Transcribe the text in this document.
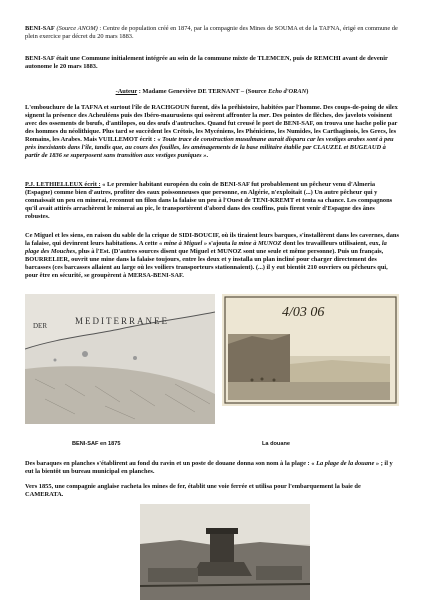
BENI-SAF (Source ANOM) : Centre de population créé en 1874, par la compagnie des Mines de SOUMA et de la TAFNA, érigé en commune de plein exercice par décret du 20 mars 1883.

BENI-SAF était une Commune initialement intégrée au sein de la commune mixte de TLEMCEN, puis de REMCHI avant de devenir autonome le 20 mars 1883.

-Auteur : Madame Geneviève DE TERNANT – (Source Echo d'ORAN)

L'embouchure de la TAFNA et surtout l'île de RACHGOUN furent, dès la préhistoire, habitées par l'homme. Des coups-de-poing de silex signent la présence des Acheuléens puis des Ibéro-maurusiens qui osèrent affronter la mer. Des pointes de flèches, des javelots voisinent avec des ossements de bœufs, d'antilopes, ou des œufs d'autruches. Quand fut creusé le port de BENI-SAF, on trouva une hache polie par des hommes du néolithique. Plus tard se succèdent les Crétois, les Mycéniens, les Phéniciens, les Numides, les Carthaginois, les Grecs, les Romains, les Arabes. Mais VUILLEMOT écrit : « Toute trace de construction musulmane aurait disparu car les vestiges arabes sont à peu près inexistants dans l'île, tandis que, au cours des fouilles, les aménagements de la base militaire établie par CLAUZEL et BUGEAUD à partir de 1836 se superposent sans transition aux vestiges puniques ».

P.J. LETHIELLEUX écrit : « Le premier habitant européen du coin de BENI-SAF fut probablement un pêcheur venu d'Almeria (Espagne) comme bien d'autres, profiter des eaux poissonneuses que personne, en Algérie, n'exploitait (...) Un autre pêcheur qui y connaissait un peu en minerai, reconnut un filon dans la falaise un peu à l'Ouest de TENI-KREMT et tenta sa chance. Les compagnons qu'il avait attirés arrachèrent le minerai au pic, le transportèrent d'abord dans des couffins, puis firent venir d'Espagne des ânes robustes.

Ce Miguel et les siens, en raison du sable de la crique de SIDI-BOUCIF, où ils tiraient leurs barques, s'installèrent dans les cavernes, dans la falaise, qui devinrent leurs habitations. A cette « mine à Miguel » s'ajouta la mine à MUNOZ dont les travailleurs utilisaient, eux, la plage des Mouches, plus à l'Est. (D'autres sources disent que Miguel et MUNOZ sont une seule et même personne). Puis un français, BOURRELIER, ouvrit une mine dans la falaise toujours, entre les deux et y installa un plan incliné pour charger directement des barcasses (ces barcasses allaient au large où les voiliers transporteurs stationnaient). (...) il y eut bientôt 210 ouvriers ou pêcheurs qui, pour être en sécurité, se groupèrent à MERSA-BENI-SAF.

DER	MEDITERRANEE
4/03 06
BENI-SAF en 1875	La douane

Des baraques en planches s'établirent au fond du ravin et un poste de douane donna son nom à la plage : « La plage de la douane » ; il y eut la bientôt un bureau municipal en planches.

Vers 1855, une compagnie anglaise racheta les mines de fer, établit une voie ferrée et utilisa pour l'embarquement la baie de CAMERATA.
